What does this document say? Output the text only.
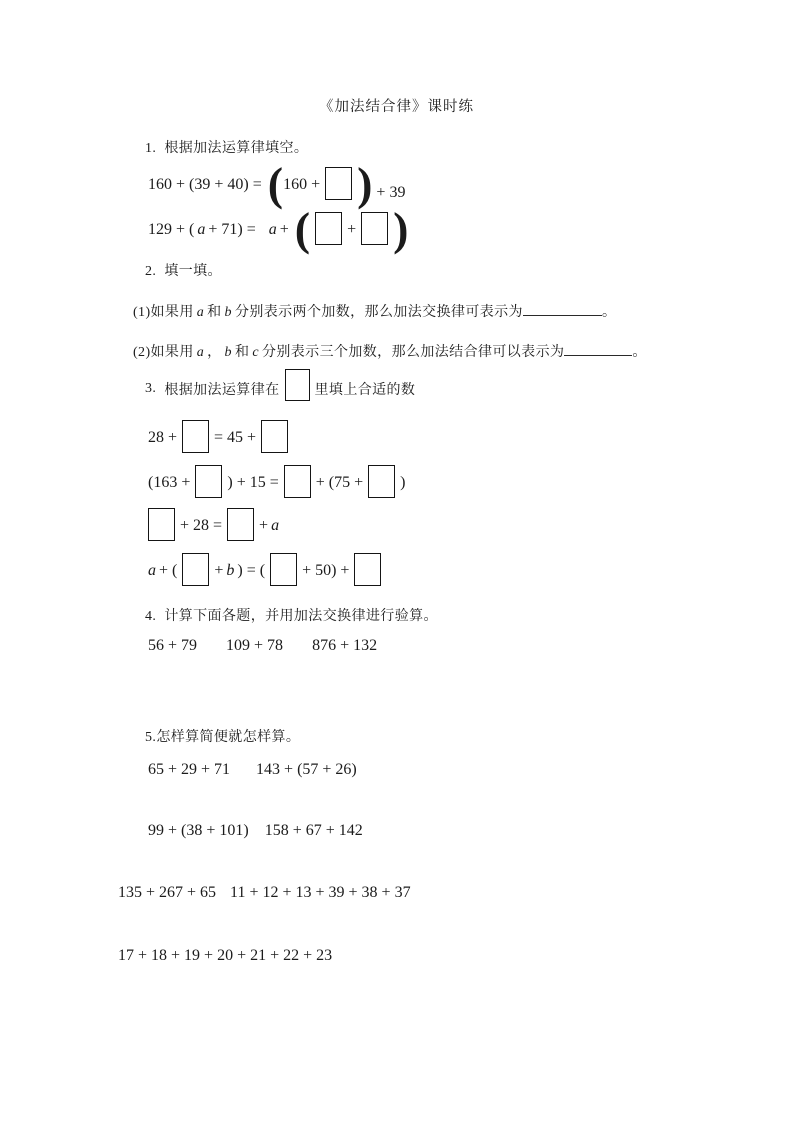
《加法结合律》课时练
1. 根据加法运算律填空。
160 + (39 + 40) = ( 160 + ) + 39
129 + ( a + 71) = a + ( + )
2. 填一填。
(1)如果用 a 和 b 分别表示两个加数，那么加法交换律可表示为	。
(2)如果用 a ， b 和 c 分别表示三个加数，那么加法结合律可以表示为	。
3. 根据加法运算律在	里填上合适的数
28 + = 45 +
(163 + ) + 15 = + (75 + )
+ 28 = + a
a + ( + b ) = ( + 50) +
4. 计算下面各题，并用加法交换律进行验算。
56 + 79 109 + 78 876 + 132
5.怎样算简便就怎样算。
65 + 29 + 71 143 + (57 + 26)
99 + (38 + 101) 158 + 67 + 142
135 + 267 + 65 11 + 12 + 13 + 39 + 38 + 37
17 + 18 + 19 + 20 + 21 + 22 + 23
